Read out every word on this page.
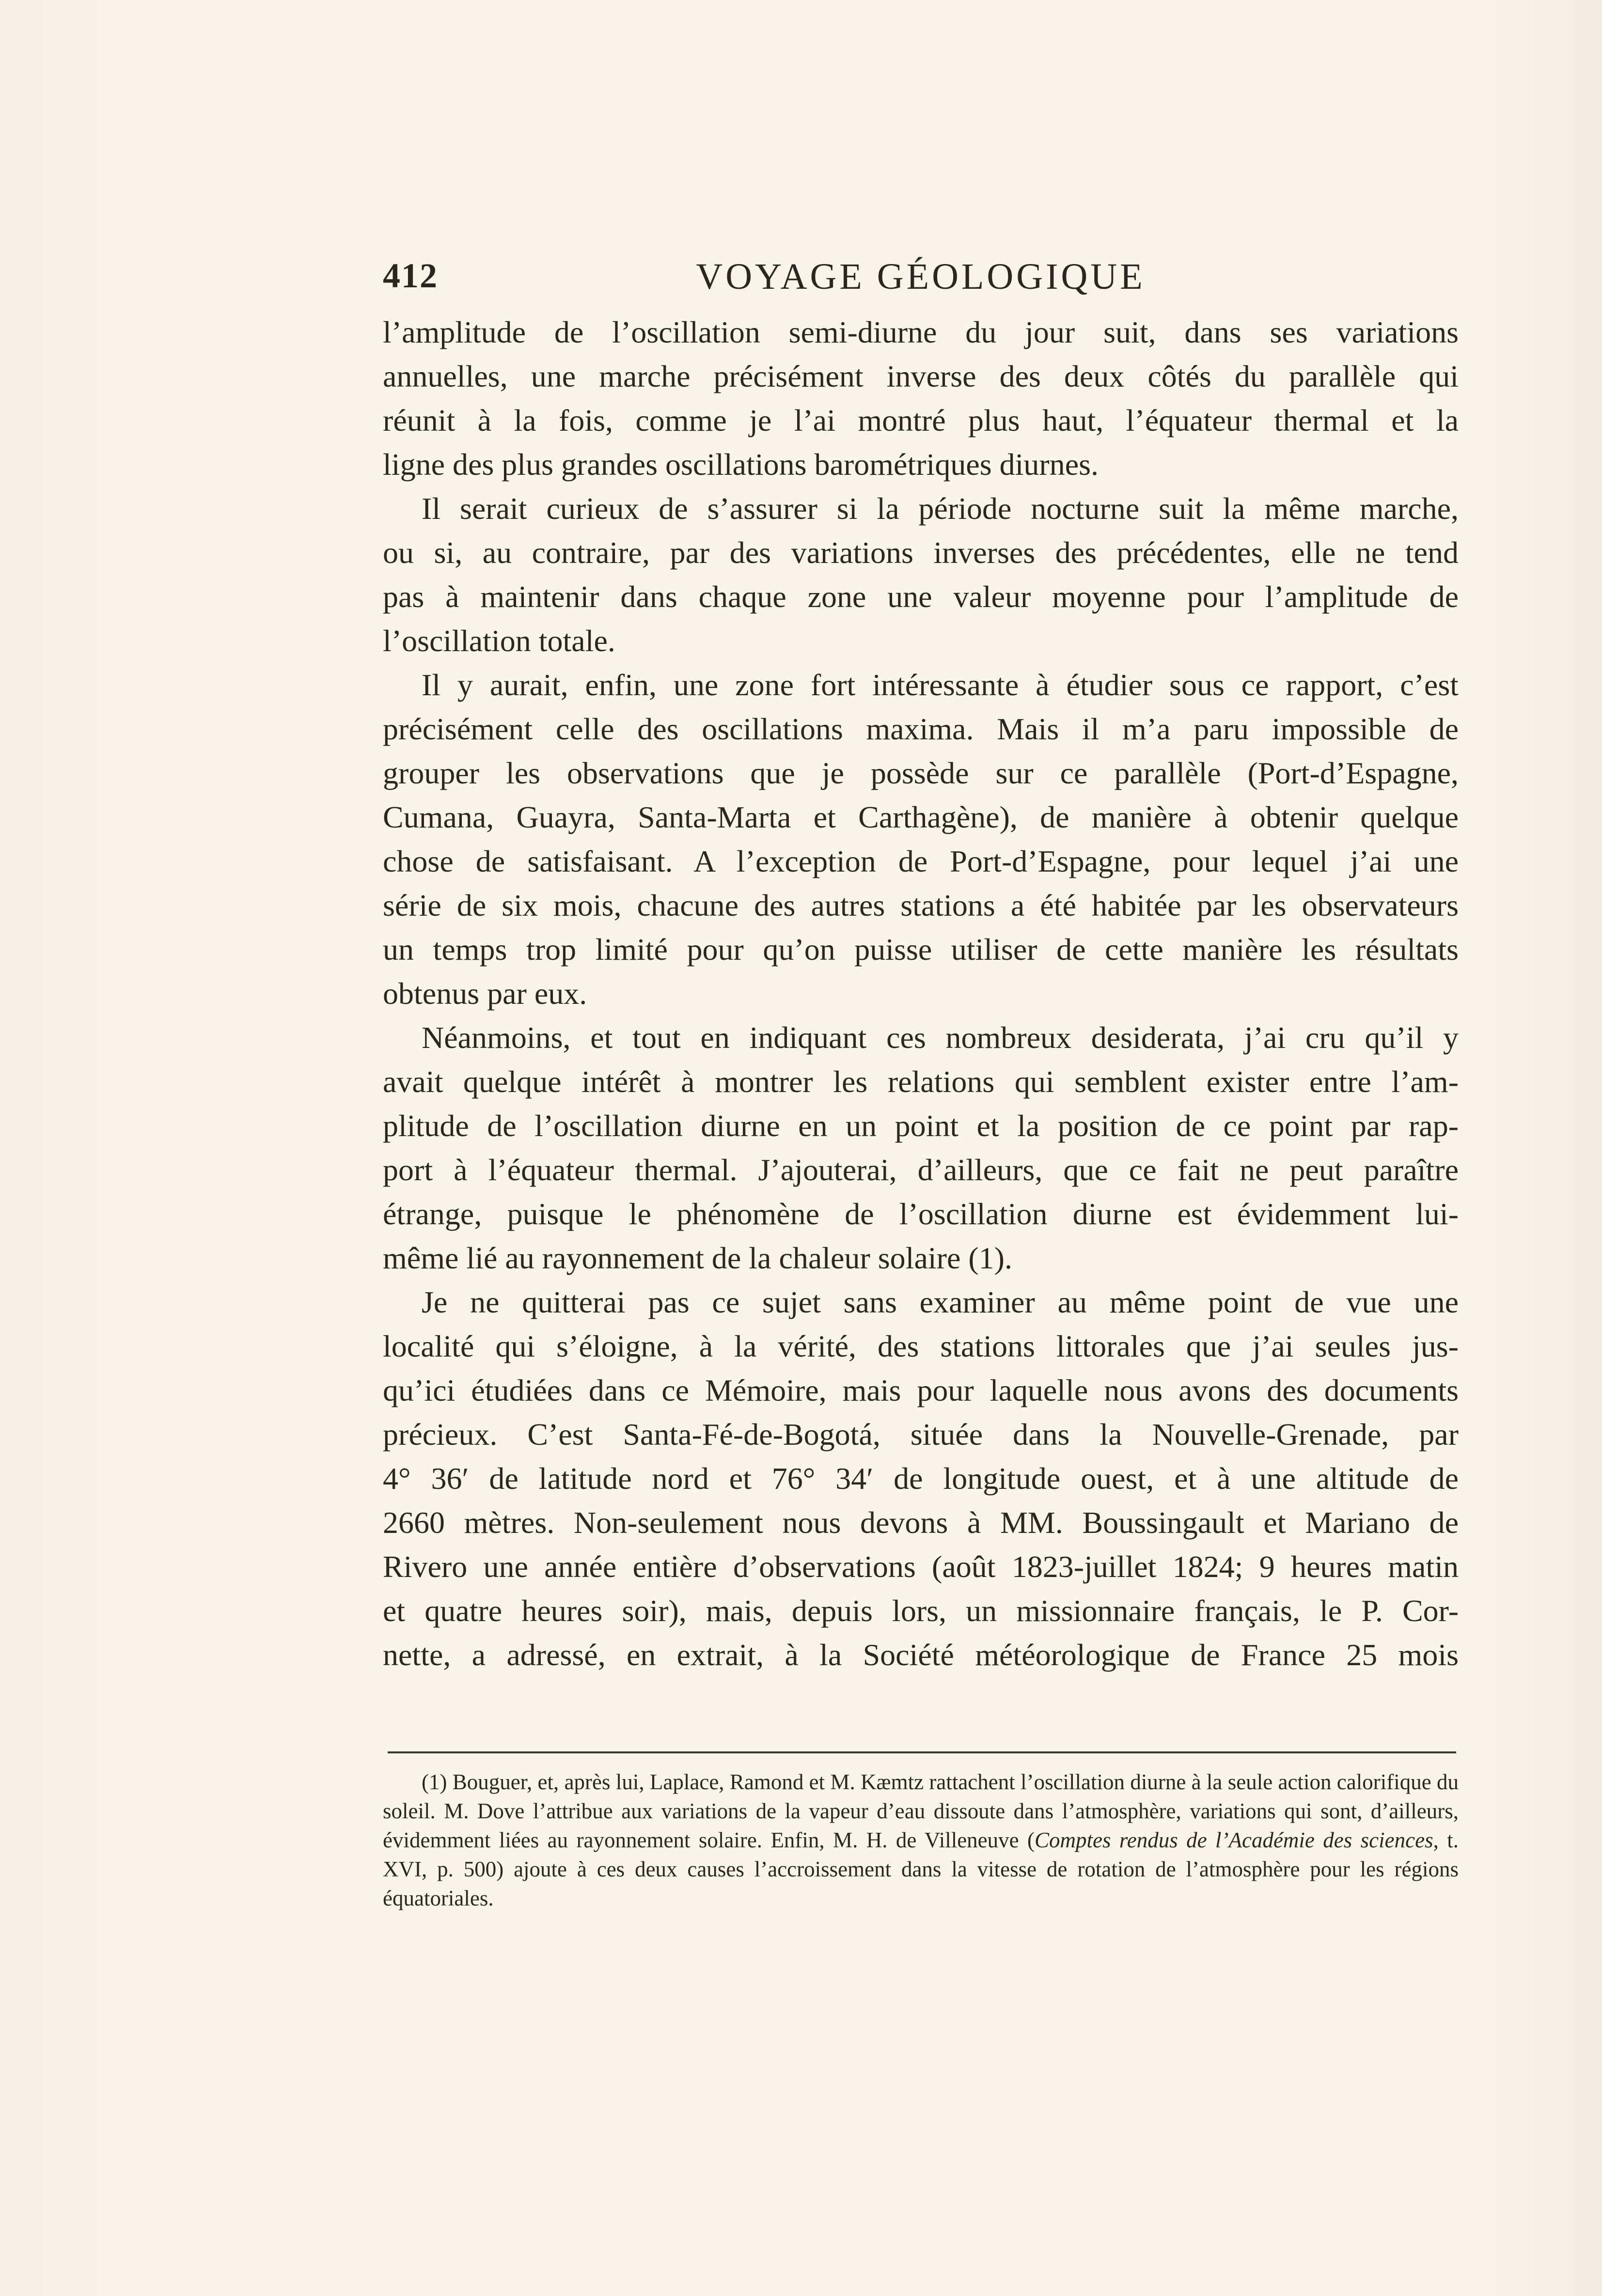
412	VOYAGE GÉOLOGIQUE

l’amplitude de l’oscillation semi-diurne du jour suit, dans ses variations

annuelles, une marche précisément inverse des deux côtés du parallèle qui

réunit à la fois, comme je l’ai montré plus haut, l’équateur thermal et la

ligne des plus grandes oscillations barométriques diurnes.

Il serait curieux de s’assurer si la période nocturne suit la même marche,

ou si, au contraire, par des variations inverses des précédentes, elle ne tend

pas à maintenir dans chaque zone une valeur moyenne pour l’amplitude de

l’oscillation totale.

Il y aurait, enfin, une zone fort intéressante à étudier sous ce rapport, c’est

précisément celle des oscillations maxima. Mais il m’a paru impossible de

grouper les observations que je possède sur ce parallèle (Port-d’Espagne,

Cumana, Guayra, Santa-Marta et Carthagène), de manière à obtenir quelque

chose de satisfaisant. A l’exception de Port-d’Espagne, pour lequel j’ai une

série de six mois, chacune des autres stations a été habitée par les observateurs

un temps trop limité pour qu’on puisse utiliser de cette manière les résultats

obtenus par eux.

Néanmoins, et tout en indiquant ces nombreux desiderata, j’ai cru qu’il y

avait quelque intérêt à montrer les relations qui semblent exister entre l’am-

plitude de l’oscillation diurne en un point et la position de ce point par rap-

port à l’équateur thermal. J’ajouterai, d’ailleurs, que ce fait ne peut paraître

étrange, puisque le phénomène de l’oscillation diurne est évidemment lui-

même lié au rayonnement de la chaleur solaire (1).

Je ne quitterai pas ce sujet sans examiner au même point de vue une

localité qui s’éloigne, à la vérité, des stations littorales que j’ai seules jus-

qu’ici étudiées dans ce Mémoire, mais pour laquelle nous avons des documents

précieux. C’est Santa-Fé-de-Bogotá, située dans la Nouvelle-Grenade, par

4° 36′ de latitude nord et 76° 34′ de longitude ouest, et à une altitude de

2660 mètres. Non-seulement nous devons à MM. Boussingault et Mariano de

Rivero une année entière d’observations (août 1823-juillet 1824; 9 heures matin

et quatre heures soir), mais, depuis lors, un missionnaire français, le P. Cor-

nette, a adressé, en extrait, à la Société météorologique de France 25 mois

(1) Bouguer, et, après lui, Laplace, Ramond et M. Kæmtz rattachent l’oscillation diurne à la seule action calorifique du soleil. M. Dove l’attribue aux variations de la vapeur d’eau dissoute dans l’atmosphère, variations qui sont, d’ailleurs, évidemment liées au rayonnement solaire. Enfin, M. H. de Villeneuve (Comptes rendus de l’Académie des sciences, t. XVI, p. 500) ajoute à ces deux causes l’accroissement dans la vitesse de rotation de l’atmosphère pour les régions équatoriales.
